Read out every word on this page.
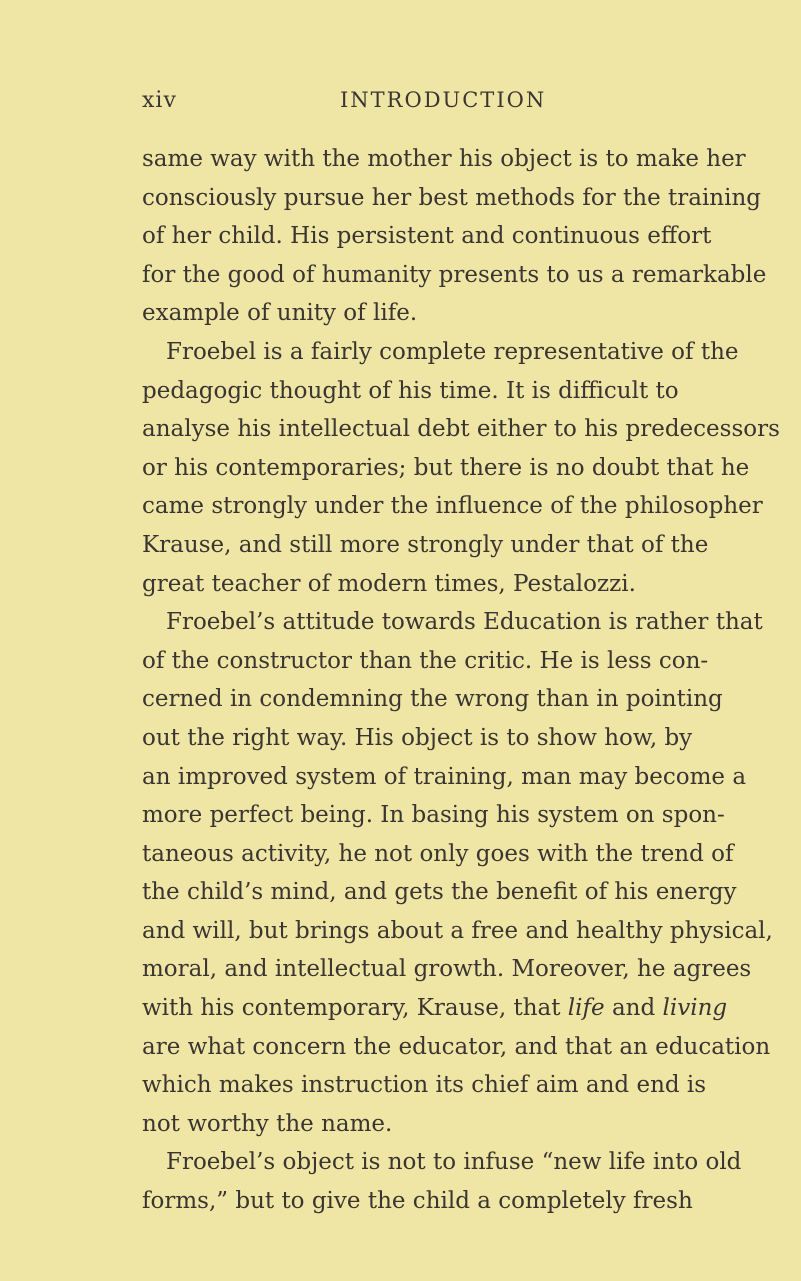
xiv	INTRODUCTION

same way with the mother his object is to make her
consciously pursue her best methods for the training
of her child. His persistent and continuous effort
for the good of humanity presents to us a remarkable
example of unity of life.

Froebel is a fairly complete representative of the
pedagogic thought of his time. It is difficult to
analyse his intellectual debt either to his predecessors
or his contemporaries; but there is no doubt that he
came strongly under the influence of the philosopher
Krause, and still more strongly under that of the
great teacher of modern times, Pestalozzi.

Froebel’s attitude towards Education is rather that
of the constructor than the critic. He is less con-
cerned in condemning the wrong than in pointing
out the right way. His object is to show how, by
an improved system of training, man may become a
more perfect being. In basing his system on spon-
taneous activity, he not only goes with the trend of
the child’s mind, and gets the benefit of his energy
and will, but brings about a free and healthy physical,
moral, and intellectual growth. Moreover, he agrees
with his contemporary, Krause, that life and living
are what concern the educator, and that an education
which makes instruction its chief aim and end is
not worthy the name.

Froebel’s object is not to infuse “new life into old
forms,” but to give the child a completely fresh
